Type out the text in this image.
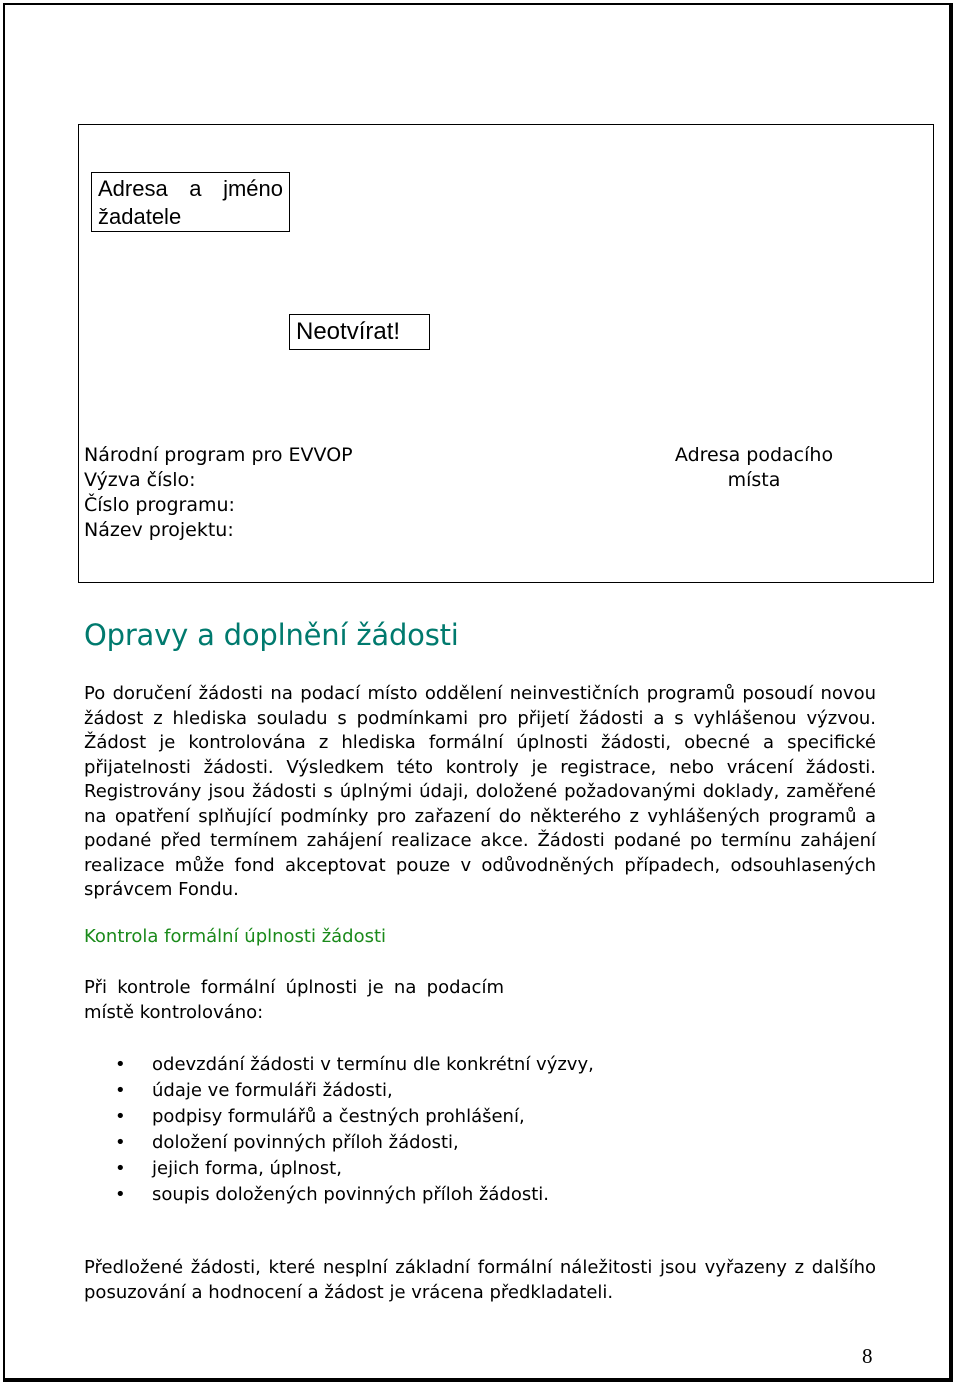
Adresa a jméno žadatele
Neotvírat!
Národní program pro EVVOP
Výzva číslo:
Číslo programu:
Název projektu:
Adresa podacího místa
Opravy a doplnění žádosti
Po doručení žádosti na podací místo oddělení neinvestičních programů posoudí novou žádost z hlediska souladu s podmínkami pro přijetí žádosti a s vyhlášenou výzvou. Žádost je kontrolována z hlediska formální úplnosti žádosti, obecné a specifické přijatelnosti žádosti. Výsledkem této kontroly je registrace, nebo vrácení žádosti. Registrovány jsou žádosti s úplnými údaji, doložené požadovanými doklady, zaměřené na opatření splňující podmínky pro zařazení do některého z vyhlášených programů a podané před termínem zahájení realizace akce. Žádosti podané po termínu zahájení realizace může fond akceptovat pouze v odůvodněných případech, odsouhlasených správcem Fondu.
Kontrola formální úplnosti žádosti
Při kontrole formální úplnosti je na podacím místě kontrolováno:
• odevzdání žádosti v termínu dle konkrétní výzvy,
• údaje ve formuláři žádosti,
• podpisy formulářů a čestných prohlášení,
• doložení povinných příloh žádosti,
• jejich forma, úplnost,
• soupis doložených povinných příloh žádosti.
Předložené žádosti, které nesplní základní formální náležitosti jsou vyřazeny z dalšího posuzování a hodnocení a žádost je vrácena předkladateli.
8
